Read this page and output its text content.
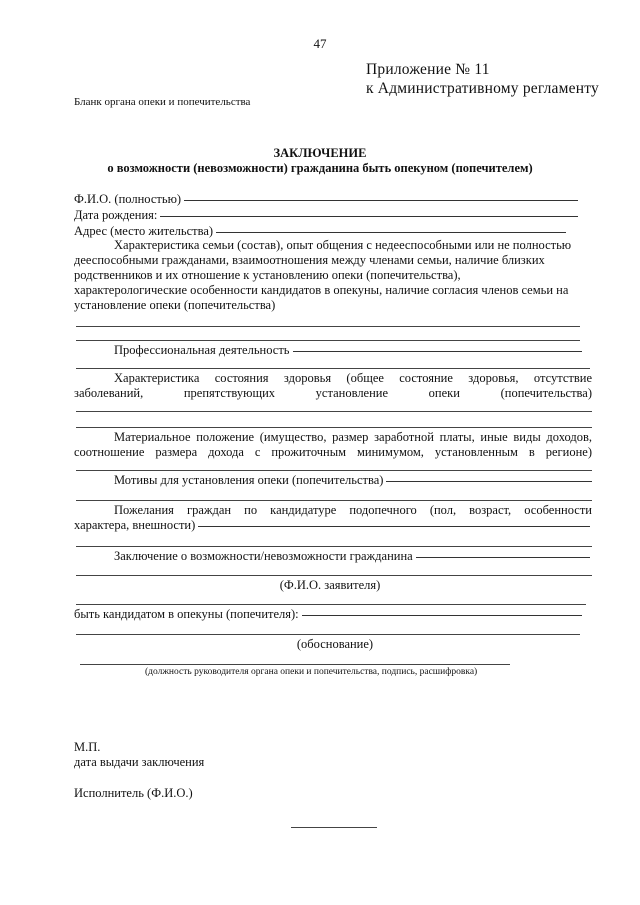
47
Приложение № 11
к Административному регламенту
Бланк органа опеки и попечительства
ЗАКЛЮЧЕНИЕ
о возможности (невозможности) гражданина быть опекуном (попечителем)
Ф.И.О. (полностью)
Дата рождения:
Адрес (место жительства)
Характеристика семьи (состав), опыт общения с недееспособными или не полностью
дееспособными гражданами, взаимоотношения между членами семьи, наличие близких
родственников и их отношение к установлению опеки (попечительства),
характерологические особенности кандидатов в опекуны, наличие согласия членов семьи на
установление опеки (попечительства)
Профессиональная деятельность
Характеристика состояния здоровья (общее состояние здоровья, отсутствие
заболеваний, препятствующих установление опеки (попечительства)
Материальное положение (имущество, размер заработной платы, иные виды доходов,
соотношение размера дохода с прожиточным минимумом, установленным в регионе)
Мотивы для установления опеки (попечительства)
Пожелания граждан по кандидатуре подопечного (пол, возраст, особенности
характера, внешности)
Заключение о возможности/невозможности гражданина
(Ф.И.О. заявителя)
быть кандидатом в опекуны (попечителя):
(обоснование)
(должность руководителя органа опеки и попечительства, подпись, расшифровка)
М.П.
дата выдачи заключения
Исполнитель (Ф.И.О.)
